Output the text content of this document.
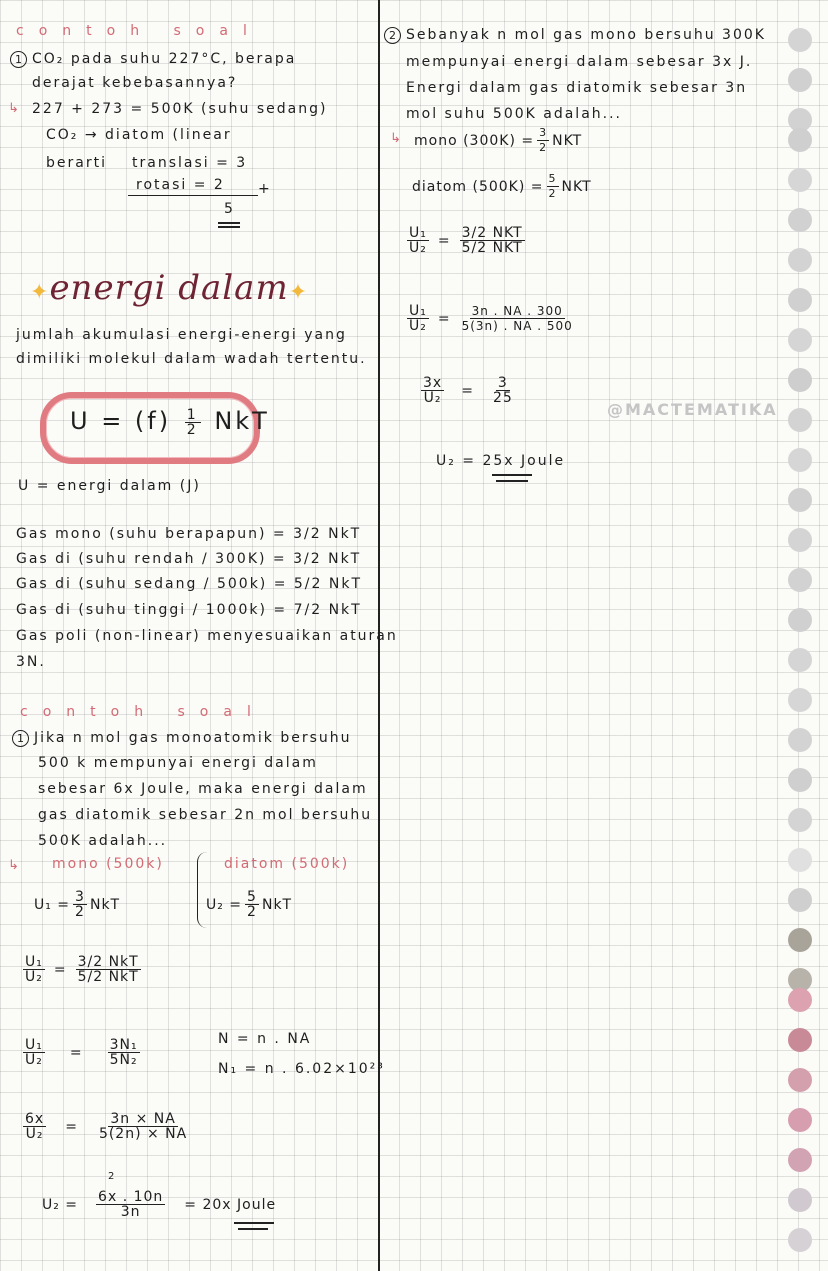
@MACTEMATIKA
contoh soal
1 CO₂ pada suhu 227°C, berapa
derajat kebebasannya?
↳ 227 + 273 = 500K (suhu sedang)
CO₂ → diatom (linear
berarti translasi = 3
rotasi = 2 +
5
✦energi dalam✦
jumlah akumulasi energi-energi yang
dimiliki molekul dalam wadah tertentu.
$U = (f) \frac{1}{2}$ NkT
U = energi dalam (J)
Gas mono (suhu berapapun) = 3/2 NkT
Gas di (suhu rendah / 300K) = 3/2 NkT
Gas di (suhu sedang / 500k) = 5/2 NkT
Gas di (suhu tinggi / 1000k) = 7/2 NkT
Gas poli (non-linear) menyesuaikan aturan
3N.
contoh soal
1 Jika n mol gas monoatomik bersuhu
500 k mempunyai energi dalam
sebesar 6x Joule, maka energi dalam
gas diatomik sebesar 2n mol bersuhu
500K adalah...
↳ mono (500k)	diatom (500k)
$U_1 = \frac{3}{2}$ NkT	$U_2 = \frac{5}{2}$ NkT
$\frac{\text{U₁}}{\text{U₂}} = \frac{\text{3/2 NkT}}{\text{5/2 NkT}}$
$\frac{\text{U₁}}{\text{U₂}} = \frac{\text{3N₁}}{\text{5N₂}}$	N = n . NA
N₁ = n . 6.02×10²³
$\frac{6x}{\text{U₂}} = \frac{3n \times NA}{5(2n) \times NA}$
2
$U_2 = \frac{6x . 10n}{3n} = 20x$ Joule
2 Sebanyak n mol gas mono bersuhu 300K
mempunyai energi dalam sebesar 3x J.
Energi dalam gas diatomik sebesar 3n
mol suhu 500K adalah...
↳ mono $(300K) = \frac{3}{2}$ NKT
diatom $(500K) = \frac{5}{2}$ NKT
$\frac{\text{U₁}}{\text{U₂}} = \frac{\text{3/2 NKT}}{\text{5/2 NKT}}$
$\frac{\text{U₁}}{\text{U₂}} = \frac{3n . NA . 300}{5(3n) . NA . 500}$
$\frac{3x}{\text{U₂}} = \frac{3}{25}$
U₂ = 25x Joule
